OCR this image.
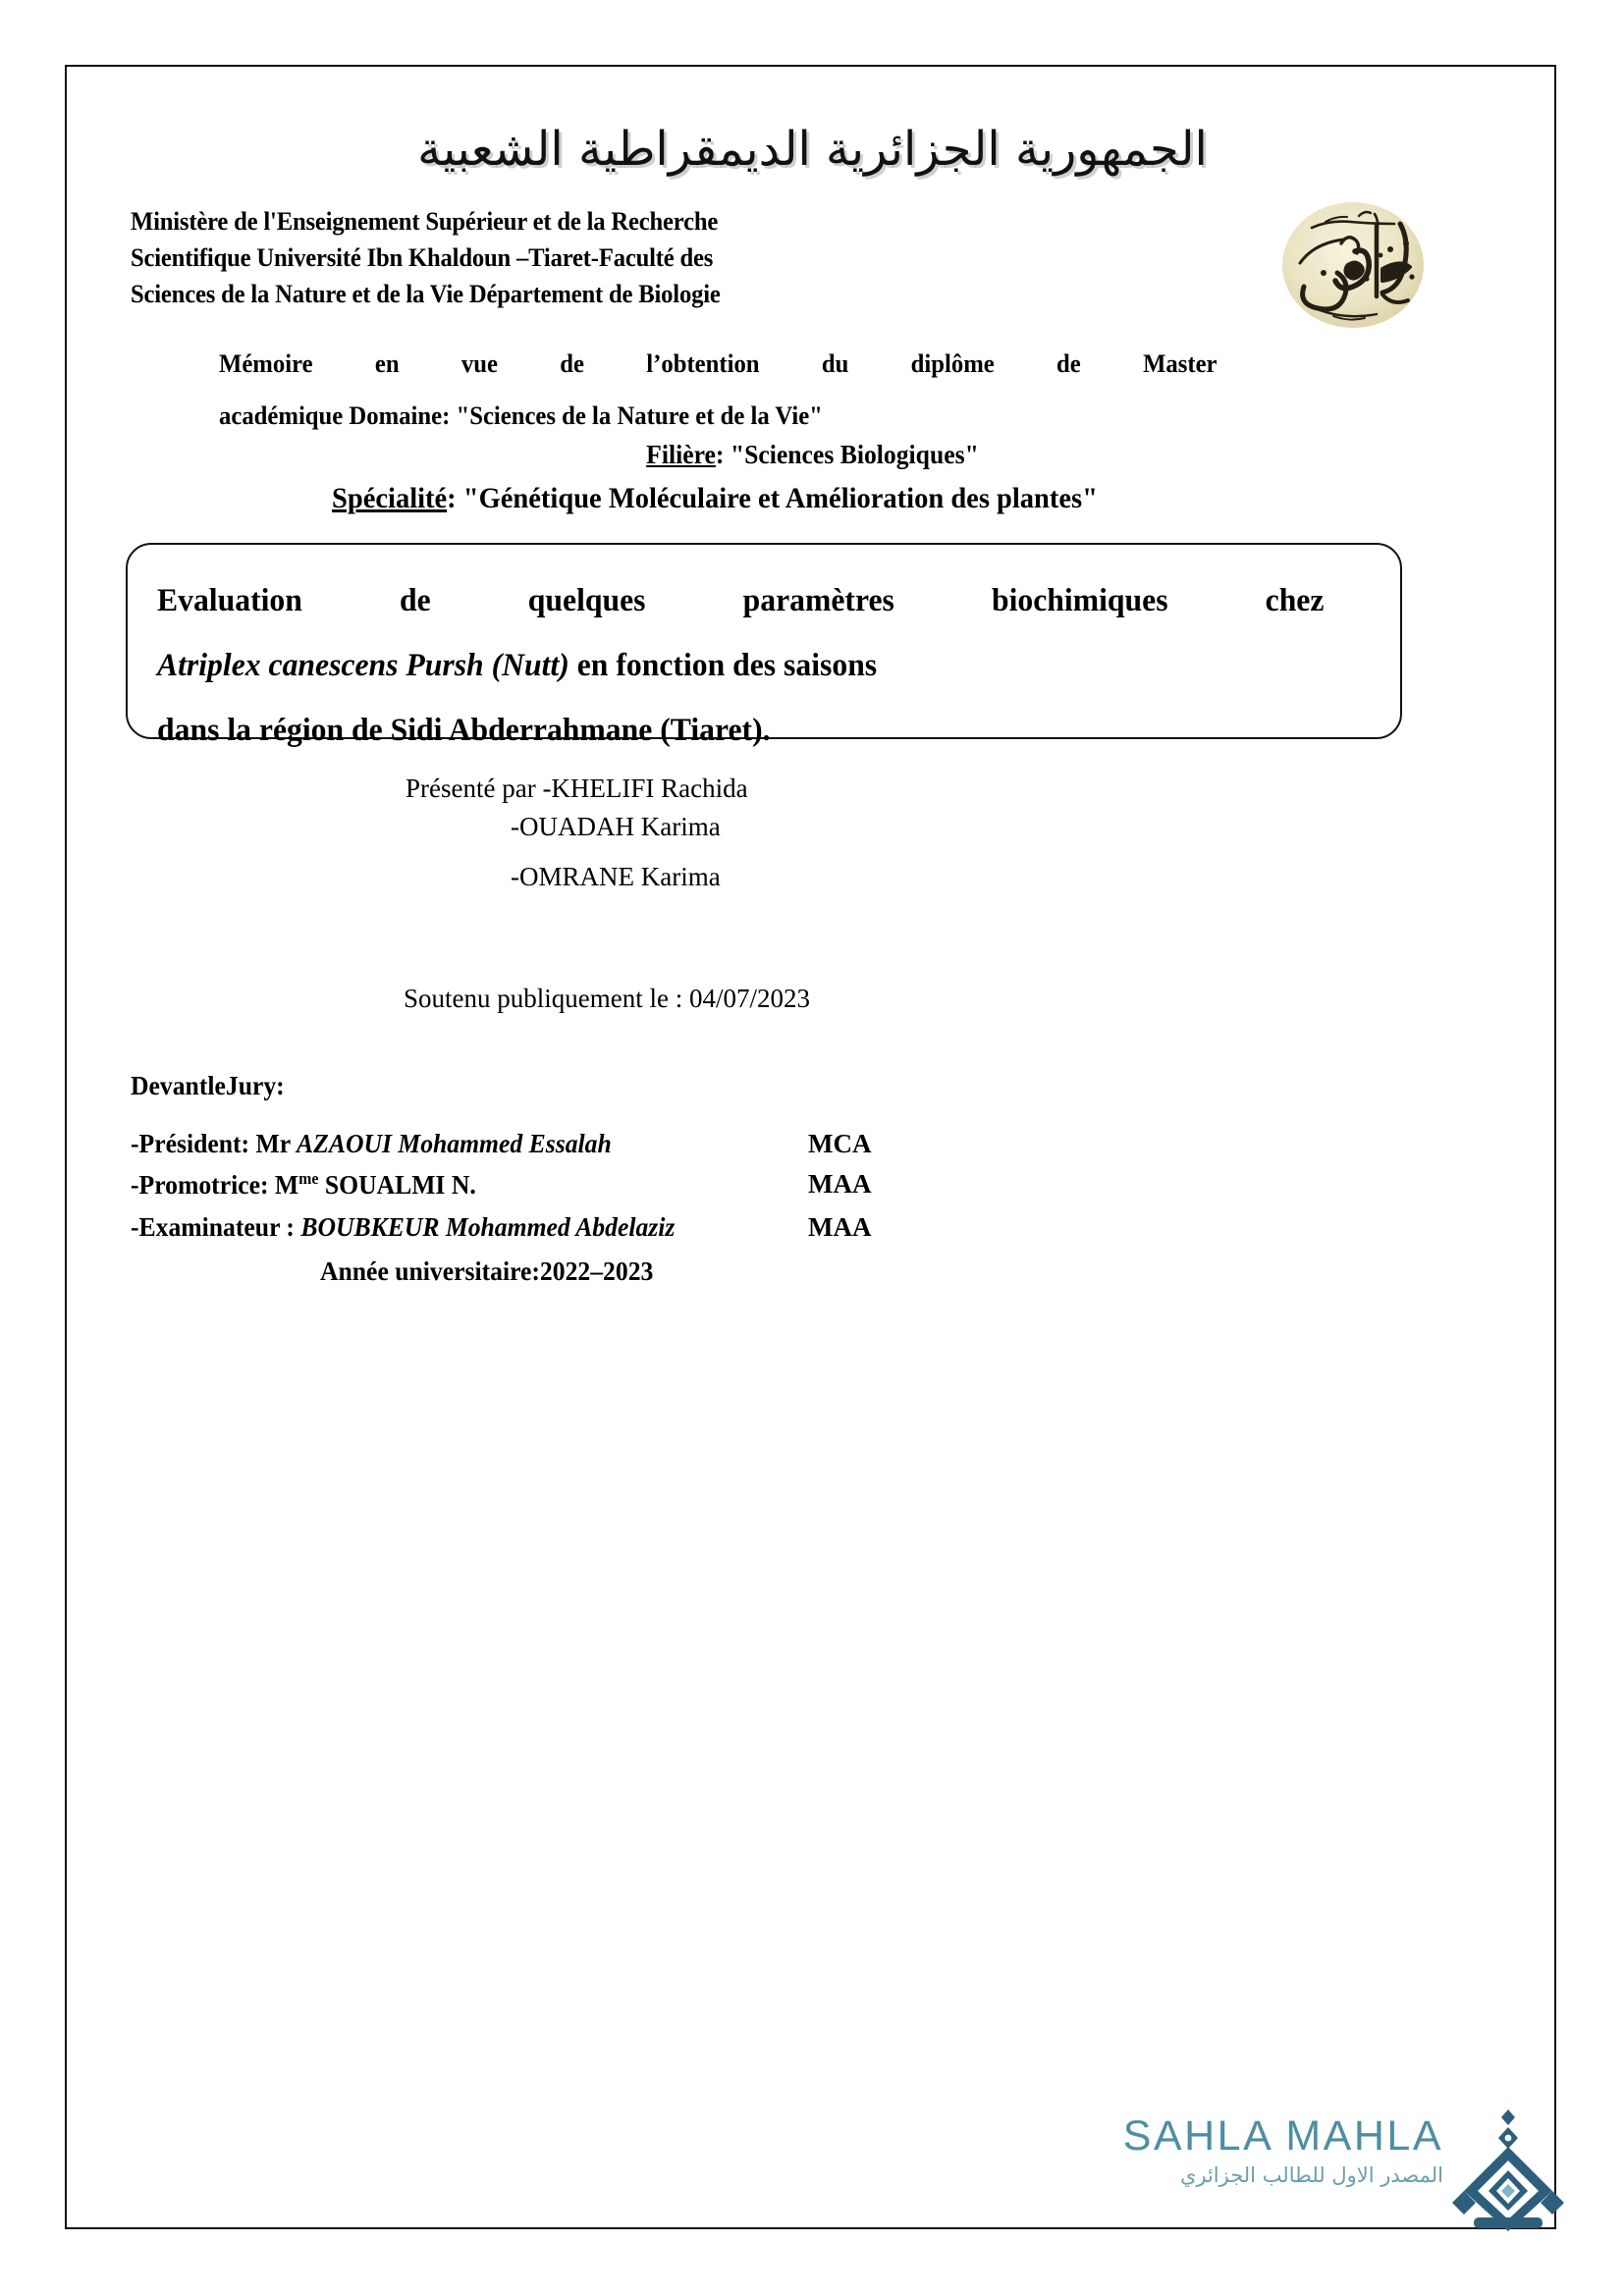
الجمهورية الجزائرية الديمقراطية الشعبية
Ministère de l'Enseignement Supérieur et de la Recherche
Scientifique Université Ibn Khaldoun –Tiaret-Faculté des
Sciences de la Nature et de la Vie Département de Biologie
Mémoire en vue de l’obtention du diplôme de Master
académique Domaine: "Sciences de la Nature et de la Vie"
Filière: "Sciences Biologiques"
Spécialité: "Génétique Moléculaire et Amélioration des plantes"
Evaluation	de	quelques	paramètres	biochimiques	chez
Atriplex canescens Pursh (Nutt) en fonction des saisons
dans la région de Sidi Abderrahmane (Tiaret).
Présenté par -KHELIFI Rachida
-OUADAH Karima
-OMRANE Karima
Soutenu publiquement le : 04/07/2023
DevantleJury:
-Président: Mr AZAOUI Mohammed Essalah	MCA
-Promotrice: $M^{me}$ SOUALMI N.	MAA
-Examinateur : BOUBKEUR Mohammed Abdelaziz	MAA
Année universitaire:2022–2023
SAHLA MAHLA
المصدر الاول للطالب الجزائري
